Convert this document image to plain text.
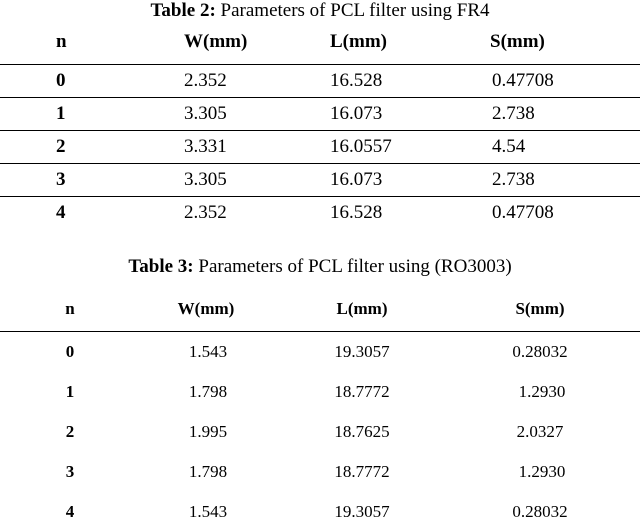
Table 2: Parameters of PCL filter using FR4
n	W(mm)	L(mm)	S(mm)
0	2.352	16.528	0.47708
1	3.305	16.073	2.738
2	3.331	16.0557	4.54
3	3.305	16.073	2.738
4	2.352	16.528	0.47708
Table 3: Parameters of PCL filter using (RO3003)
n	W(mm)	L(mm)	S(mm)
0	1.543	19.3057	0.28032
1	1.798	18.7772	1.2930
2	1.995	18.7625	2.0327
3	1.798	18.7772	1.2930
4	1.543	19.3057	0.28032
